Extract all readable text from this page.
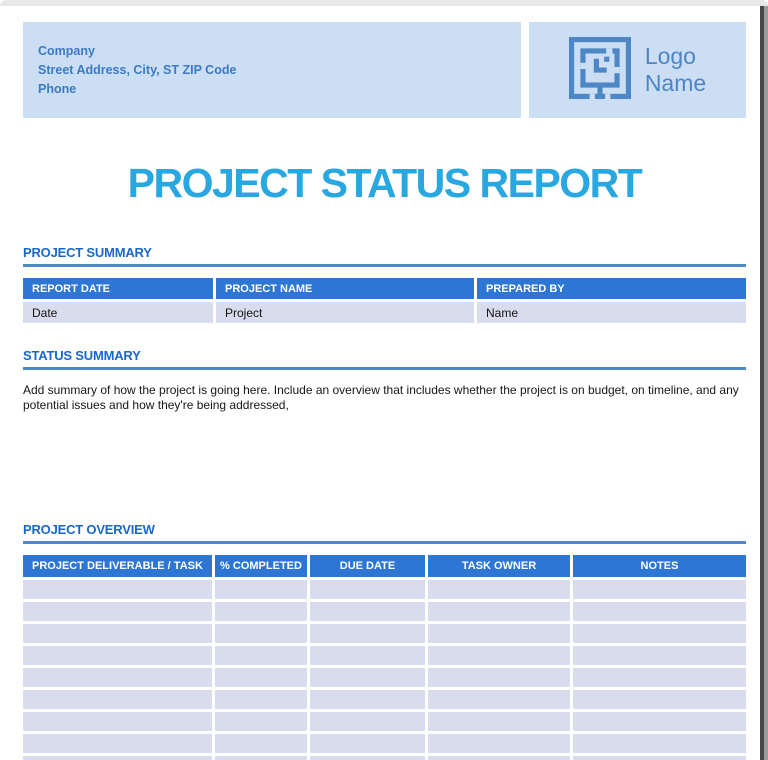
Company
Street Address, City, ST ZIP Code
Phone
Logo
Name
PROJECT STATUS REPORT
PROJECT SUMMARY
REPORT DATE	PROJECT NAME	PREPARED BY
Date	Project	Name
STATUS SUMMARY
Add summary of how the project is going here. Include an overview that includes whether the project is on budget, on timeline, and any potential issues and how they're being addressed,
PROJECT OVERVIEW
PROJECT DELIVERABLE / TASK	% COMPLETED	DUE DATE	TASK OWNER	NOTES
